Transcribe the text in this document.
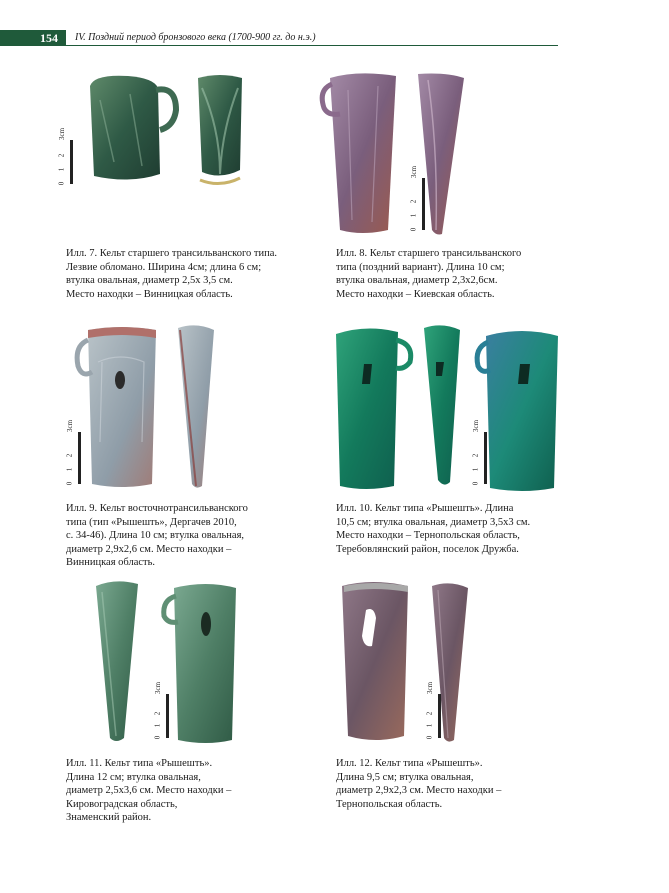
154 IV. Поздний период бронзового века (1700-900 гг. до н.э.)
0
1
2
3cm
Илл. 7. Кельт старшего трансильванского типа.
Лезвие обломано. Ширина 4см; длина 6 см;
втулка овальная, диаметр 2,5х 3,5 см.
Место находки – Винницкая область.
0
1
2
3cm
Илл. 8. Кельт старшего трансильванского
типа (поздний вариант). Длина 10 см;
втулка овальная, диаметр 2,3х2,6см.
Место находки – Киевская область.
0
1
2
3cm
Илл. 9. Кельт восточнотрансильванского
типа (тип «Рышешть», Дергачев 2010,
с. 34-46). Длина 10 см; втулка овальная,
диаметр 2,9х2,6 см. Место находки –
Винницкая область.
0
1
2
3cm
Илл. 10. Кельт типа «Рышешть». Длина
10,5 см; втулка овальная, диаметр 3,5х3 см.
Место находки – Тернопольская область,
Теребовлянский район, поселок Дружба.
0
1
2
3cm
Илл. 11. Кельт типа «Рышешть».
Длина 12 см; втулка овальная,
диаметр 2,5х3,6 см. Место находки –
Кировоградская область,
Знаменский район.
0
1
2
3cm
Илл. 12. Кельт типа «Рышешть».
Длина 9,5 см; втулка овальная,
диаметр 2,9х2,3 см. Место находки –
Тернопольская область.
